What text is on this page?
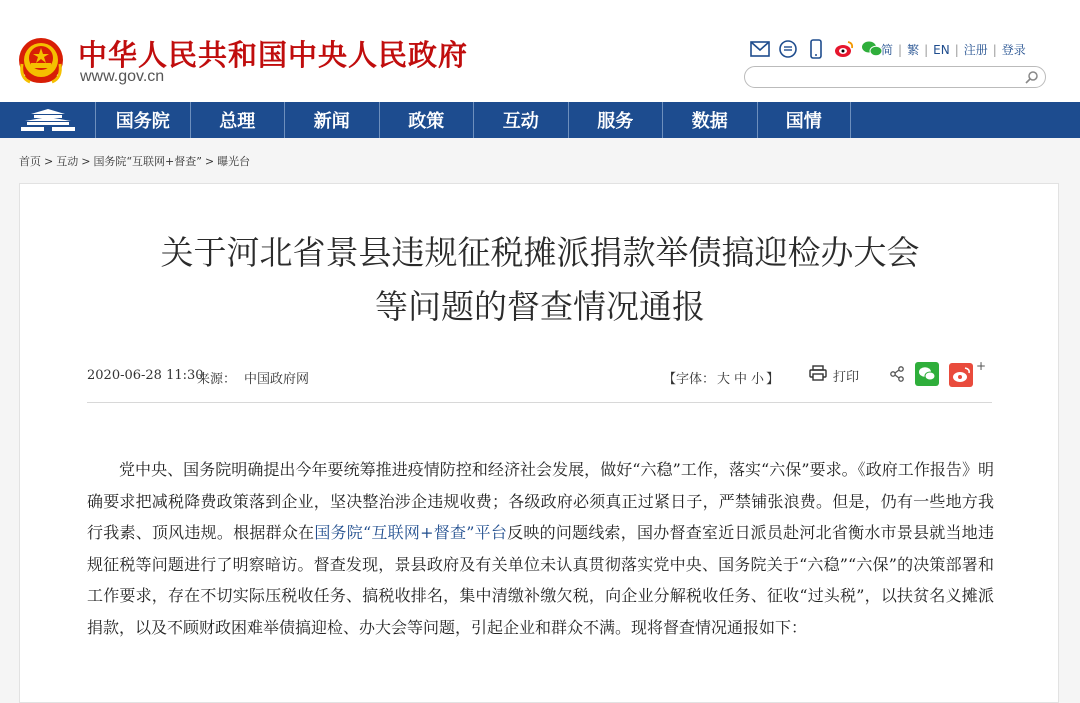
中华人民共和国中央人民政府
www.gov.cn
简 | 繁 | EN | 注册 | 登录
国务院	总理	新闻	政策	互动	服务	数据	国情
首页 > 互动 > 国务院“互联网+督查” > 曝光台
关于河北省景县违规征税摊派捐款举债搞迎检办大会
等问题的督查情况通报
2020-06-28 11:30
来源： 中国政府网	【字体： 大 中 小 】	打印
+

党中央、国务院明确提出今年要统筹推进疫情防控和经济社会发展，做好“六稳”工作，落实“六保”要求。《政府工作报告》明确要求把减税降费政策落到企业，坚决整治涉企违规收费；各级政府必须真正过紧日子，严禁铺张浪费。但是，仍有一些地方我行我素、顶风违规。根据群众在国务院“互联网+督查”平台反映的问题线索，国办督查室近日派员赴河北省衡水市景县就当地违规征税等问题进行了明察暗访。督查发现，景县政府及有关单位未认真贯彻落实党中央、国务院关于“六稳”“六保”的决策部署和工作要求，存在不切实际压税收任务、搞税收排名，集中清缴补缴欠税，向企业分解税收任务、征收“过头税”，以扶贫名义摊派捐款，以及不顾财政困难举债搞迎检、办大会等问题，引起企业和群众不满。现将督查情况通报如下：
